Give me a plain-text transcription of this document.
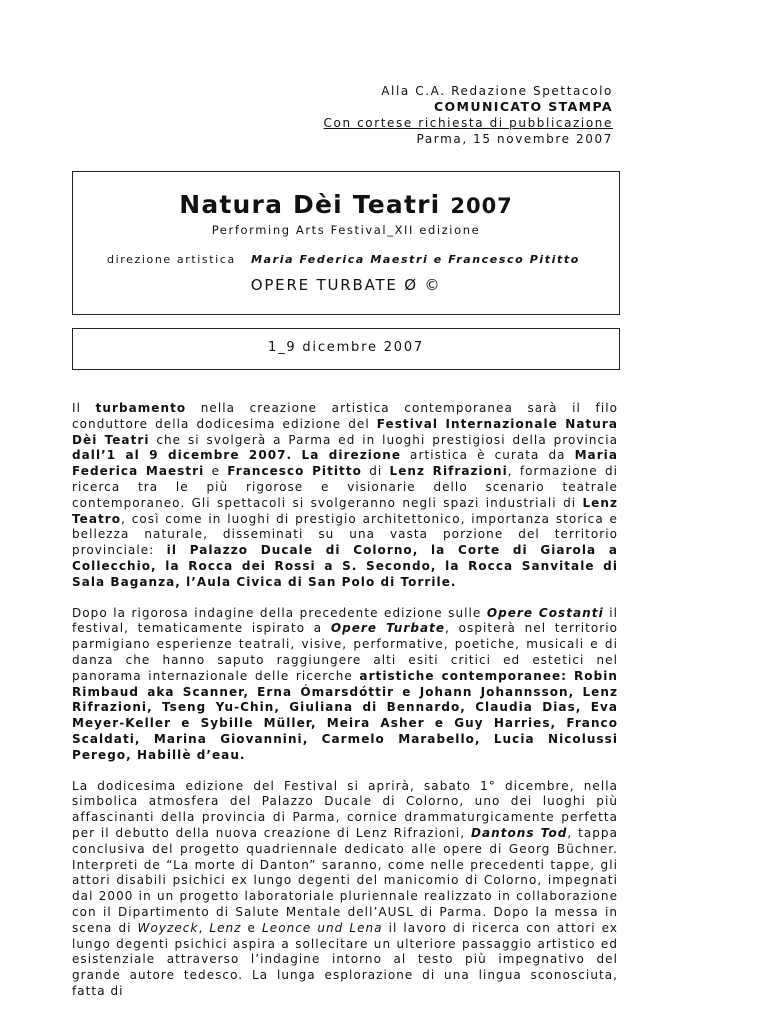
Alla C.A. Redazione Spettacolo
COMUNICATO STAMPA
Con cortese richiesta di pubblicazione
Parma, 15 novembre 2007
Natura Dèi Teatri 2007
Performing Arts Festival_XII edizione
direzione artistica Maria Federica Maestri e Francesco Pititto
OPERE TURBATE Ø ©
1_9 dicembre 2007

Il turbamento nella creazione artistica contemporanea sarà il filo conduttore della dodicesima edizione del Festival Internazionale Natura Dèi Teatri che si svolgerà a Parma ed in luoghi prestigiosi della provincia dall’1 al 9 dicembre 2007. La direzione artistica è curata da Maria Federica Maestri e Francesco Pititto di Lenz Rifrazioni, formazione di ricerca tra le più rigorose e visionarie dello scenario teatrale contemporaneo. Gli spettacoli si svolgeranno negli spazi industriali di Lenz Teatro, così come in luoghi di prestigio architettonico, importanza storica e bellezza naturale, disseminati su una vasta porzione del territorio provinciale: il Palazzo Ducale di Colorno, la Corte di Giarola a Collecchio, la Rocca dei Rossi a S. Secondo, la Rocca Sanvitale di Sala Baganza, l’Aula Civica di San Polo di Torrile.

Dopo la rigorosa indagine della precedente edizione sulle Opere Costanti il festival, tematicamente ispirato a Opere Turbate, ospiterà nel territorio parmigiano esperienze teatrali, visive, performative, poetiche, musicali e di danza che hanno saputo raggiungere alti esiti critici ed estetici nel panorama internazionale delle ricerche artistiche contemporanee: Robin Rimbaud aka Scanner, Erna Ómarsdóttir e Johann Johannsson, Lenz Rifrazioni, Tseng Yu-Chin, Giuliana di Bennardo, Claudia Dias, Eva Meyer-Keller e Sybille Müller, Meira Asher e Guy Harries, Franco Scaldati, Marina Giovannini, Carmelo Marabello, Lucia Nicolussi Perego, Habillè d’eau.

La dodicesima edizione del Festival si aprirà, sabato 1° dicembre, nella simbolica atmosfera del Palazzo Ducale di Colorno, uno dei luoghi più affascinanti della provincia di Parma, cornice drammaturgicamente perfetta per il debutto della nuova creazione di Lenz Rifrazioni, Dantons Tod, tappa conclusiva del progetto quadriennale dedicato alle opere di Georg Büchner. Interpreti de “La morte di Danton” saranno, come nelle precedenti tappe, gli attori disabili psichici ex lungo degenti del manicomio di Colorno, impegnati dal 2000 in un progetto laboratoriale pluriennale realizzato in collaborazione con il Dipartimento di Salute Mentale dell’AUSL di Parma. Dopo la messa in scena di Woyzeck, Lenz e Leonce und Lena il lavoro di ricerca con attori ex lungo degenti psichici aspira a sollecitare un ulteriore passaggio artistico ed esistenziale attraverso l’indagine intorno al testo più impegnativo del grande autore tedesco. La lunga esplorazione di una lingua sconosciuta, fatta di
